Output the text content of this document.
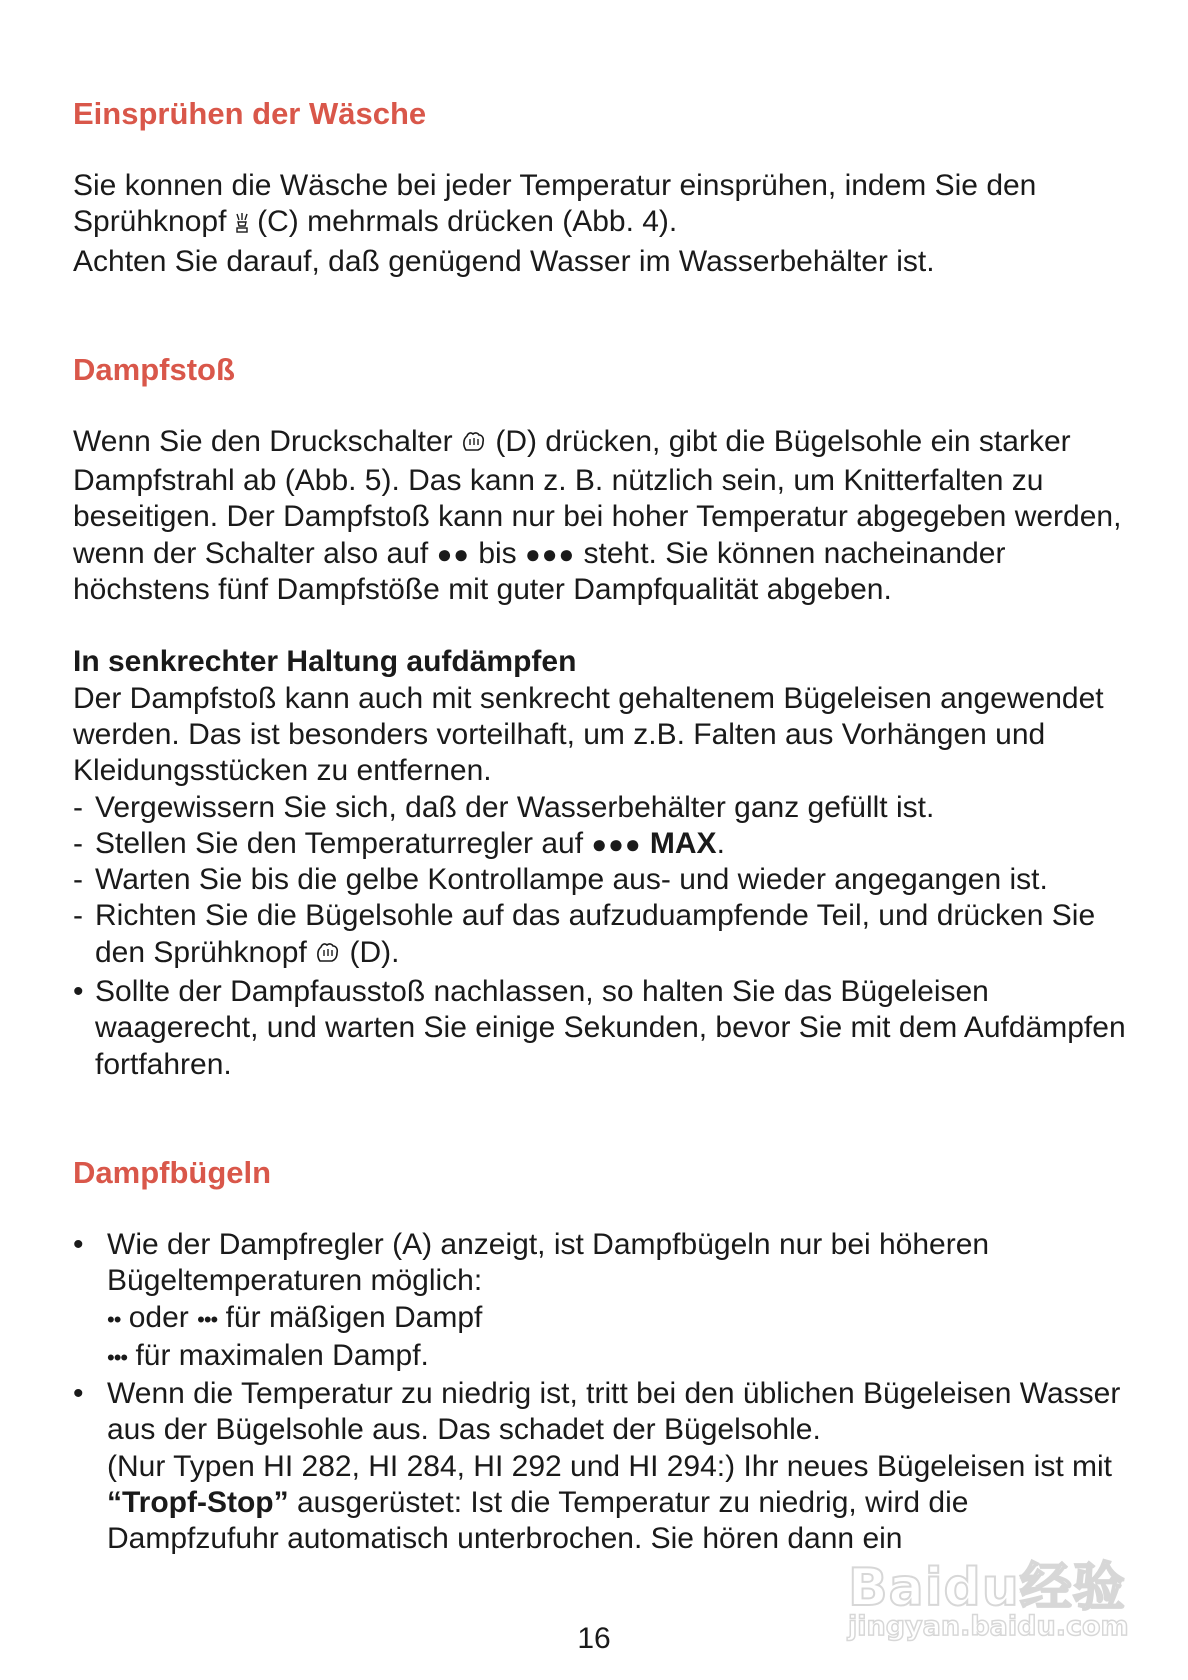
Einsprühen der Wäsche

Sie konnen die Wäsche bei jeder Temperatur einsprühen, indem Sie den Sprühknopf (C) mehrmals drücken (Abb. 4).

Achten Sie darauf, daß genügend Wasser im Wasserbehälter ist.

Dampfstoß

Wenn Sie den Druckschalter (D) drücken, gibt die Bügelsohle ein starker Dampfstrahl ab (Abb. 5). Das kann z. B. nützlich sein, um Knitterfalten zu beseitigen. Der Dampfstoß kann nur bei hoher Temperatur abgegeben werden, wenn der Schalter also auf ●● bis ●●● steht. Sie können nacheinander höchstens fünf Dampfstöße mit guter Dampfqualität abgeben.

In senkrechter Haltung aufdämpfen

Der Dampfstoß kann auch mit senkrecht gehaltenem Bügeleisen angewendet werden. Das ist besonders vorteilhaft, um z.B. Falten aus Vorhängen und Kleidungsstücken zu entfernen.

- Vergewissern Sie sich, daß der Wasserbehälter ganz gefüllt ist.
- Stellen Sie den Temperaturregler auf ●●● MAX.
- Warten Sie bis die gelbe Kontrollampe aus- und wieder angegangen ist.
- Richten Sie die Bügelsohle auf das aufzuduampfende Teil, und drücken Sie den Sprühknopf (D).
• Sollte der Dampfausstoß nachlassen, so halten Sie das Bügeleisen waagerecht, und warten Sie einige Sekunden, bevor Sie mit dem Aufdämpfen fortfahren.
Dampfbügeln
• Wie der Dampfregler (A) anzeigt, ist Dampfbügeln nur bei höheren Bügeltemperaturen möglich:
•• oder ••• für mäßigen Dampf
••• für maximalen Dampf.
• Wenn die Temperatur zu niedrig ist, tritt bei den üblichen Bügeleisen Wasser aus der Bügelsohle aus. Das schadet der Bügelsohle.
(Nur Typen HI 282, HI 284, HI 292 und HI 294:) Ihr neues Bügeleisen ist mit “Tropf-Stop” ausgerüstet: Ist die Temperatur zu niedrig, wird die Dampfzufuhr automatisch unterbrochen. Sie hören dann ein
16
Baidu经验
jingyan.baidu.com
